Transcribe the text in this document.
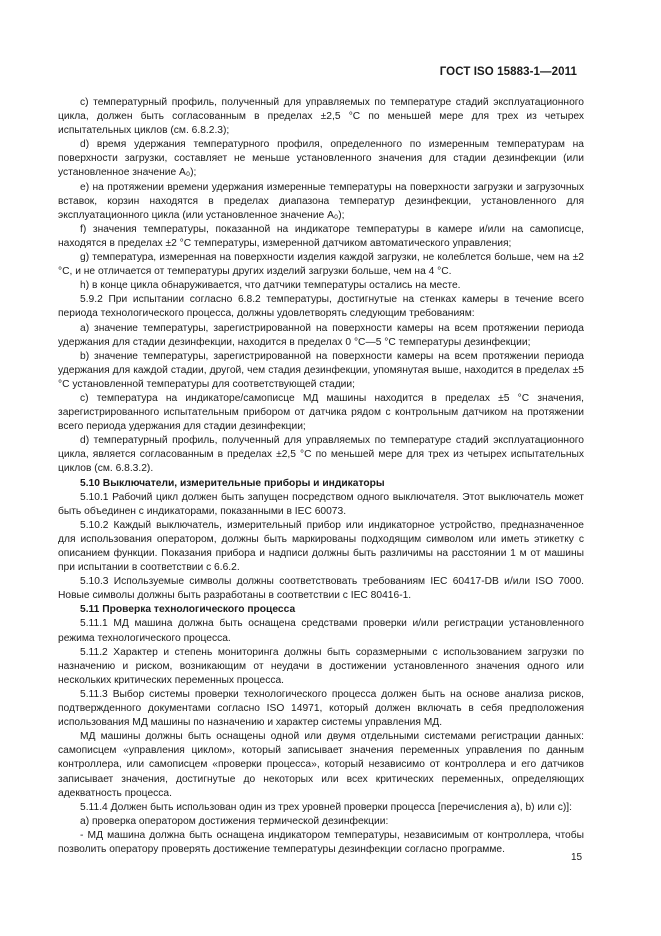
ГОСТ ISO 15883-1—2011

с) температурный профиль, полученный для управляемых по температуре стадий эксплуатационного цикла, должен быть согласованным в пределах ±2,5 °С по меньшей мере для трех из четырех испытательных циклов (см. 6.8.2.3);

d) время удержания температурного профиля, определенного по измеренным температурам на поверхности загрузки, составляет не меньше установленного значения для стадии дезинфекции (или установленное значение A₀);

e) на протяжении времени удержания измеренные температуры на поверхности загрузки и загрузочных вставок, корзин находятся в пределах диапазона температур дезинфекции, установленного для эксплуатационного цикла (или установленное значение A₀);

f) значения температуры, показанной на индикаторе температуры в камере и/или на самописце, находятся в пределах ±2 °С температуры, измеренной датчиком автоматического управления;

g) температура, измеренная на поверхности изделия каждой загрузки, не колеблется больше, чем на ±2 °С, и не отличается от температуры других изделий загрузки больше, чем на 4 °С.

h) в конце цикла обнаруживается, что датчики температуры остались на месте.

5.9.2 При испытании согласно 6.8.2 температуры, достигнутые на стенках камеры в течение всего периода технологического процесса, должны удовлетворять следующим требованиям:

a) значение температуры, зарегистрированной на поверхности камеры на всем протяжении периода удержания для стадии дезинфекции, находится в пределах 0 °С—5 °С температуры дезинфекции;

b) значение температуры, зарегистрированной на поверхности камеры на всем протяжении периода удержания для каждой стадии, другой, чем стадия дезинфекции, упомянутая выше, находится в пределах ±5 °С установленной температуры для соответствующей стадии;

c) температура на индикаторе/самописце МД машины находится в пределах ±5 °С значения, зарегистрированного испытательным прибором от датчика рядом с контрольным датчиком на протяжении всего периода удержания для стадии дезинфекции;

d) температурный профиль, полученный для управляемых по температуре стадий эксплуатационного цикла, является согласованным в пределах ±2,5 °С по меньшей мере для трех из четырех испытательных циклов (см. 6.8.3.2).

5.10 Выключатели, измерительные приборы и индикаторы

5.10.1 Рабочий цикл должен быть запущен посредством одного выключателя. Этот выключатель может быть объединен с индикаторами, показанными в IEC 60073.

5.10.2 Каждый выключатель, измерительный прибор или индикаторное устройство, предназначенное для использования оператором, должны быть маркированы подходящим символом или иметь этикетку с описанием функции. Показания прибора и надписи должны быть различимы на расстоянии 1 м от машины при испытании в соответствии с 6.6.2.

5.10.3 Используемые символы должны соответствовать требованиям IEC 60417-DB и/или ISO 7000. Новые символы должны быть разработаны в соответствии с IEC 80416-1.

5.11 Проверка технологического процесса

5.11.1 МД машина должна быть оснащена средствами проверки и/или регистрации установленного режима технологического процесса.

5.11.2 Характер и степень мониторинга должны быть соразмерными с использованием загрузки по назначению и риском, возникающим от неудачи в достижении установленного значения одного или нескольких критических переменных процесса.

5.11.3 Выбор системы проверки технологического процесса должен быть на основе анализа рисков, подтвержденного документами согласно ISO 14971, который должен включать в себя предположения использования МД машины по назначению и характер системы управления МД.

МД машины должны быть оснащены одной или двумя отдельными системами регистрации данных: самописцем «управления циклом», который записывает значения переменных управления по данным контроллера, или самописцем «проверки процесса», который независимо от контроллера и его датчиков записывает значения, достигнутые до некоторых или всех критических переменных, определяющих адекватность процесса.

5.11.4 Должен быть использован один из трех уровней проверки процесса [перечисления а), b) или с)]:

a) проверка оператором достижения термической дезинфекции:

- МД машина должна быть оснащена индикатором температуры, независимым от контроллера, чтобы позволить оператору проверять достижение температуры дезинфекции согласно программе.

15
